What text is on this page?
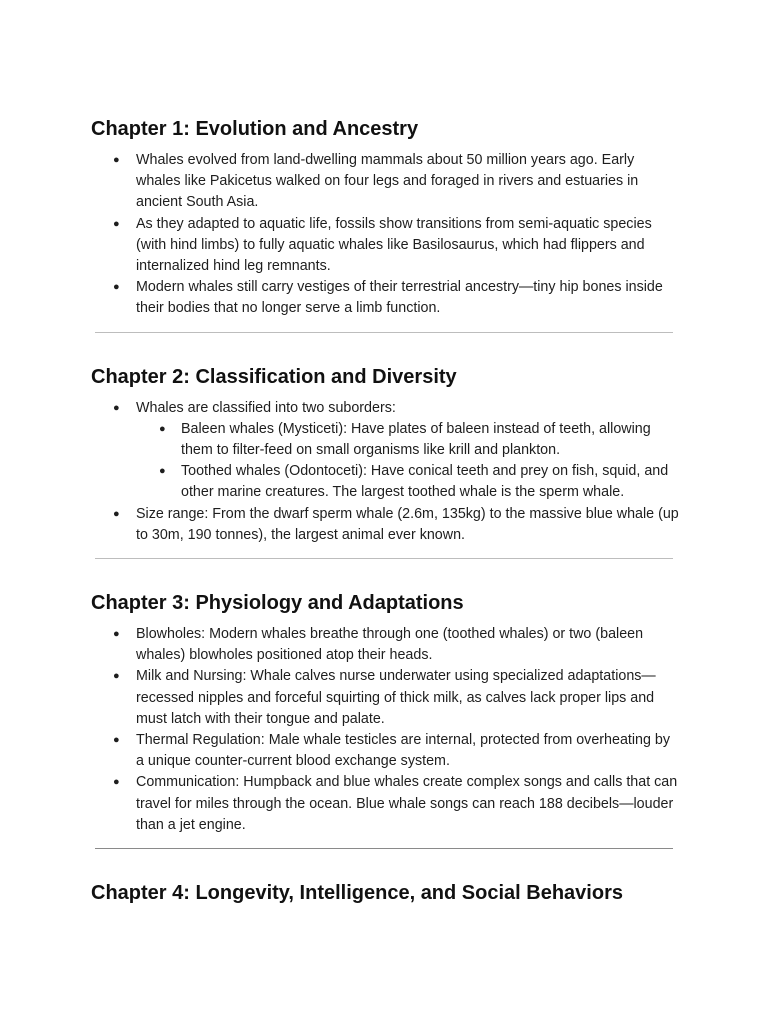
Chapter 1: Evolution and Ancestry
● Whales evolved from land-dwelling mammals about 50 million years ago. Early whales like Pakicetus walked on four legs and foraged in rivers and estuaries in ancient South Asia.
● As they adapted to aquatic life, fossils show transitions from semi-aquatic species (with hind limbs) to fully aquatic whales like Basilosaurus, which had flippers and internalized hind leg remnants.
● Modern whales still carry vestiges of their terrestrial ancestry—tiny hip bones inside their bodies that no longer serve a limb function.
Chapter 2: Classification and Diversity
● Whales are classified into two suborders:
● Baleen whales (Mysticeti): Have plates of baleen instead of teeth, allowing them to filter-feed on small organisms like krill and plankton.
● Toothed whales (Odontoceti): Have conical teeth and prey on fish, squid, and other marine creatures. The largest toothed whale is the sperm whale.
● Size range: From the dwarf sperm whale (2.6m, 135kg) to the massive blue whale (up to 30m, 190 tonnes), the largest animal ever known.
Chapter 3: Physiology and Adaptations
● Blowholes: Modern whales breathe through one (toothed whales) or two (baleen whales) blowholes positioned atop their heads.
● Milk and Nursing: Whale calves nurse underwater using specialized adaptations—recessed nipples and forceful squirting of thick milk, as calves lack proper lips and must latch with their tongue and palate.
● Thermal Regulation: Male whale testicles are internal, protected from overheating by a unique counter-current blood exchange system.
● Communication: Humpback and blue whales create complex songs and calls that can travel for miles through the ocean. Blue whale songs can reach 188 decibels—louder than a jet engine.
Chapter 4: Longevity, Intelligence, and Social Behaviors
